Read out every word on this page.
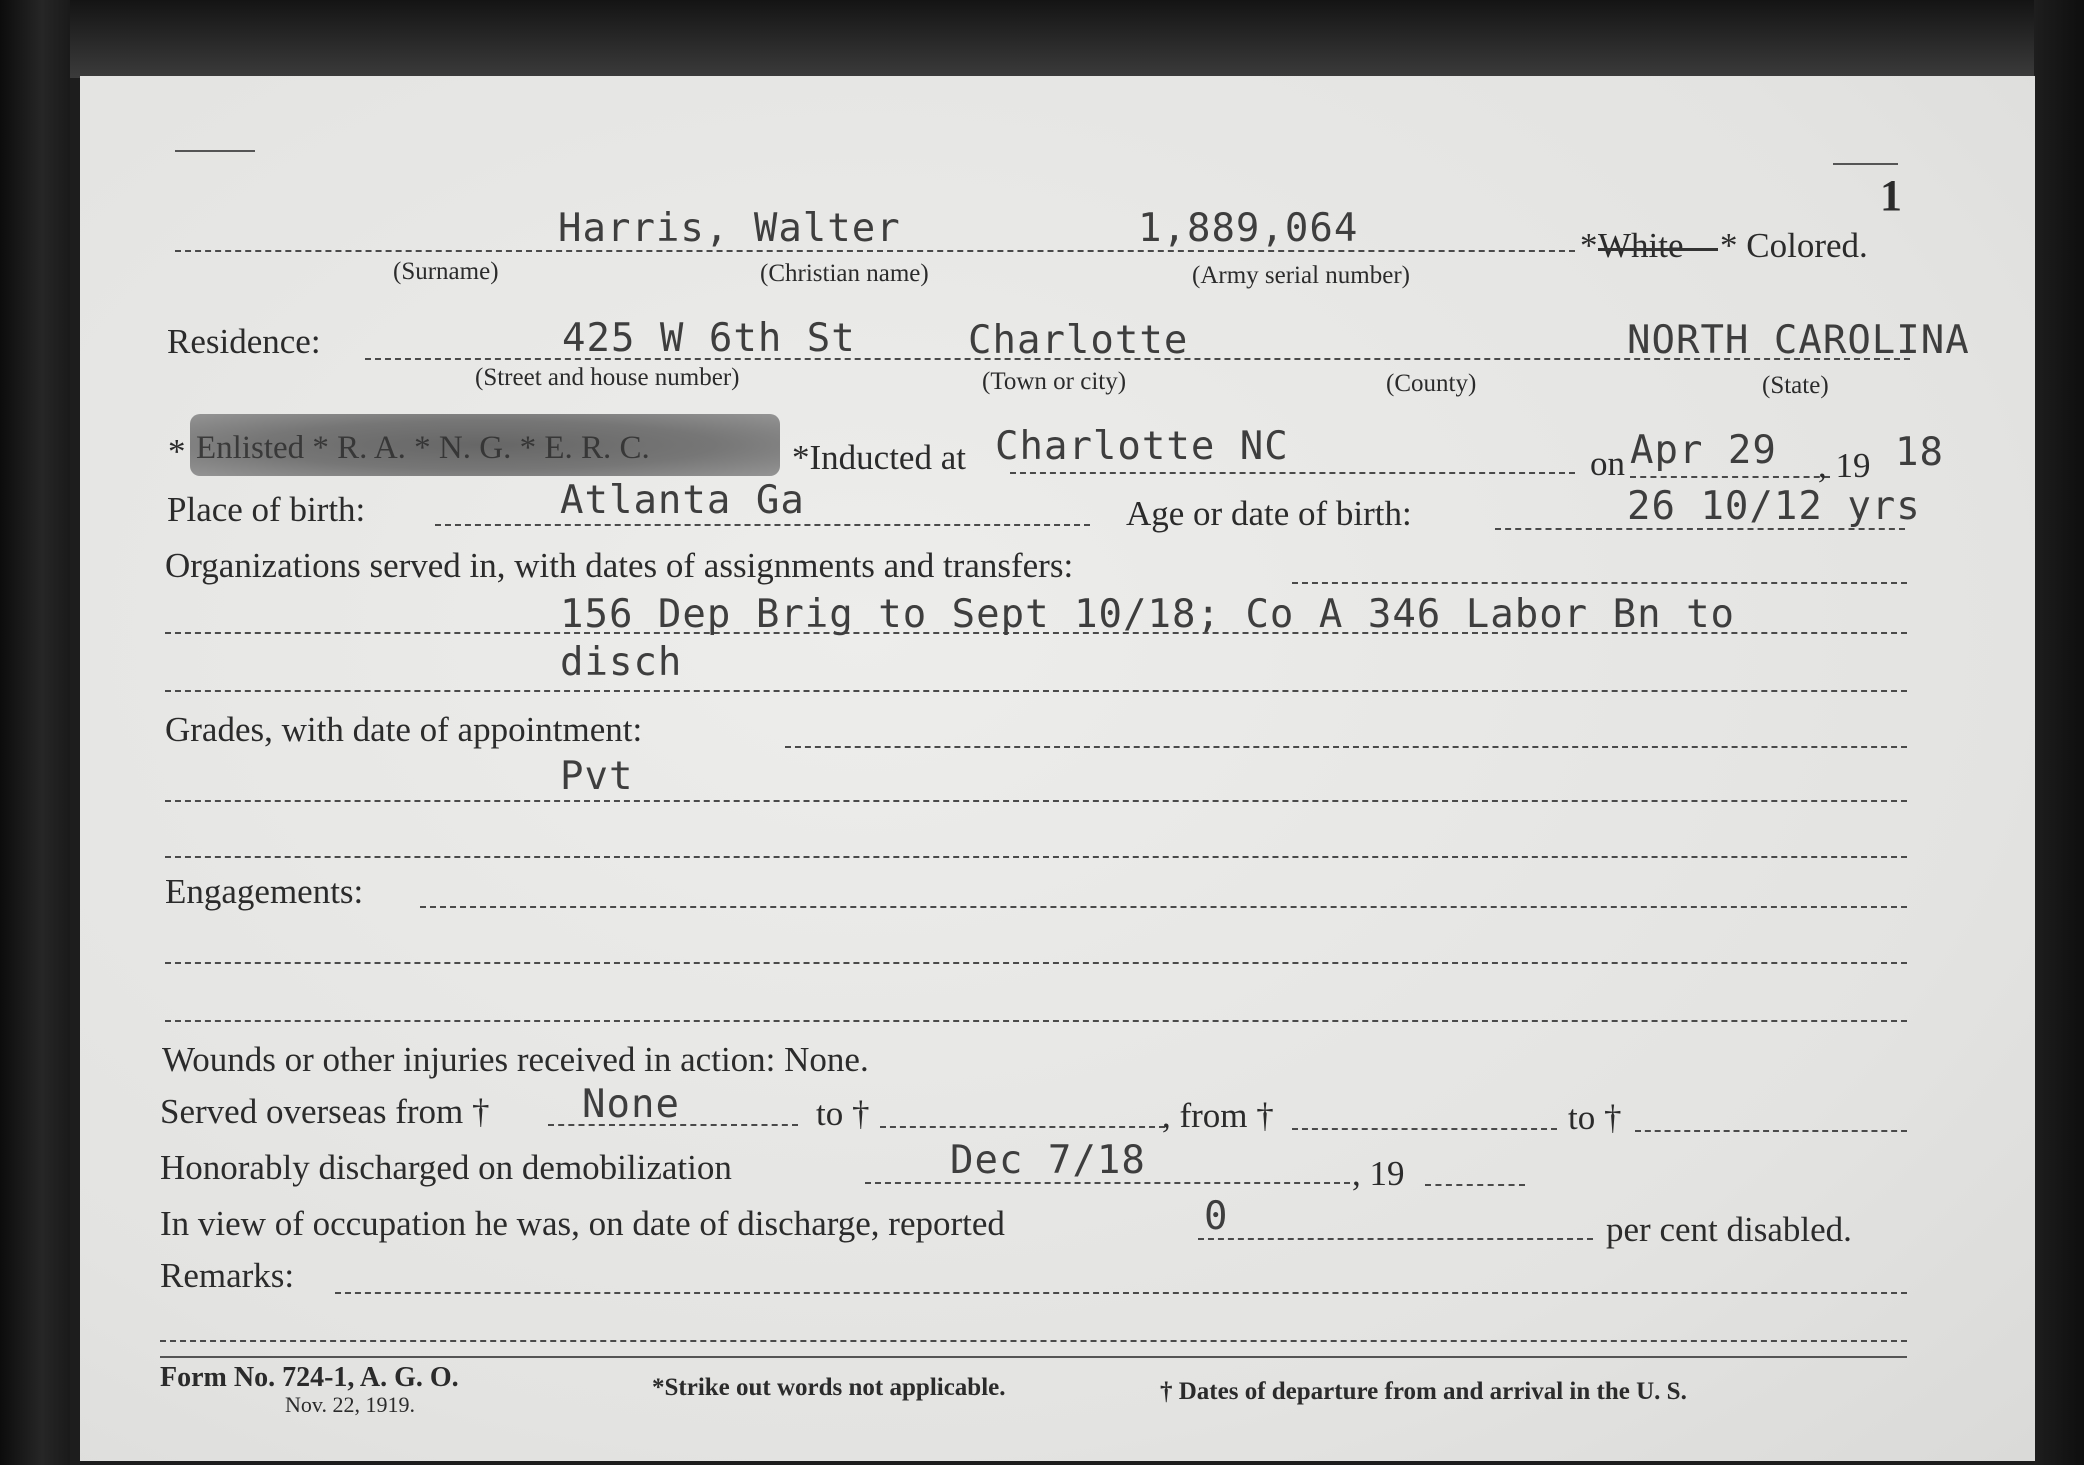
1
Harris, Walter	1,889,064	* White * Colored.
(Surname)	(Christian name)	(Army serial number)
Residence:	425 W 6th St	Charlotte	NORTH CAROLINA
(Street and house number)	(Town or city)	(County)	(State)
* Enlisted * R. A. * N. G. * E. R. C.	*Inducted at Charlotte NC	on Apr 29 , 19 18
Place of birth:	Atlanta Ga	Age or date of birth:	26 10/12 yrs
Organizations served in, with dates of assignments and transfers:
156 Dep Brig to Sept 10/18; Co A 346 Labor Bn to
disch
Grades, with date of appointment:
Pvt
Engagements:
Wounds or other injuries received in action: None.
Served overseas from † None	to †	, from †	to †
Honorably discharged on demobilization	Dec 7/18	, 19
In view of occupation he was, on date of discharge, reported	0	per cent disabled.
Remarks:
Form No. 724-1, A. G. O.
Nov. 22, 1919.
*Strike out words not applicable.	† Dates of departure from and arrival in the U. S.
